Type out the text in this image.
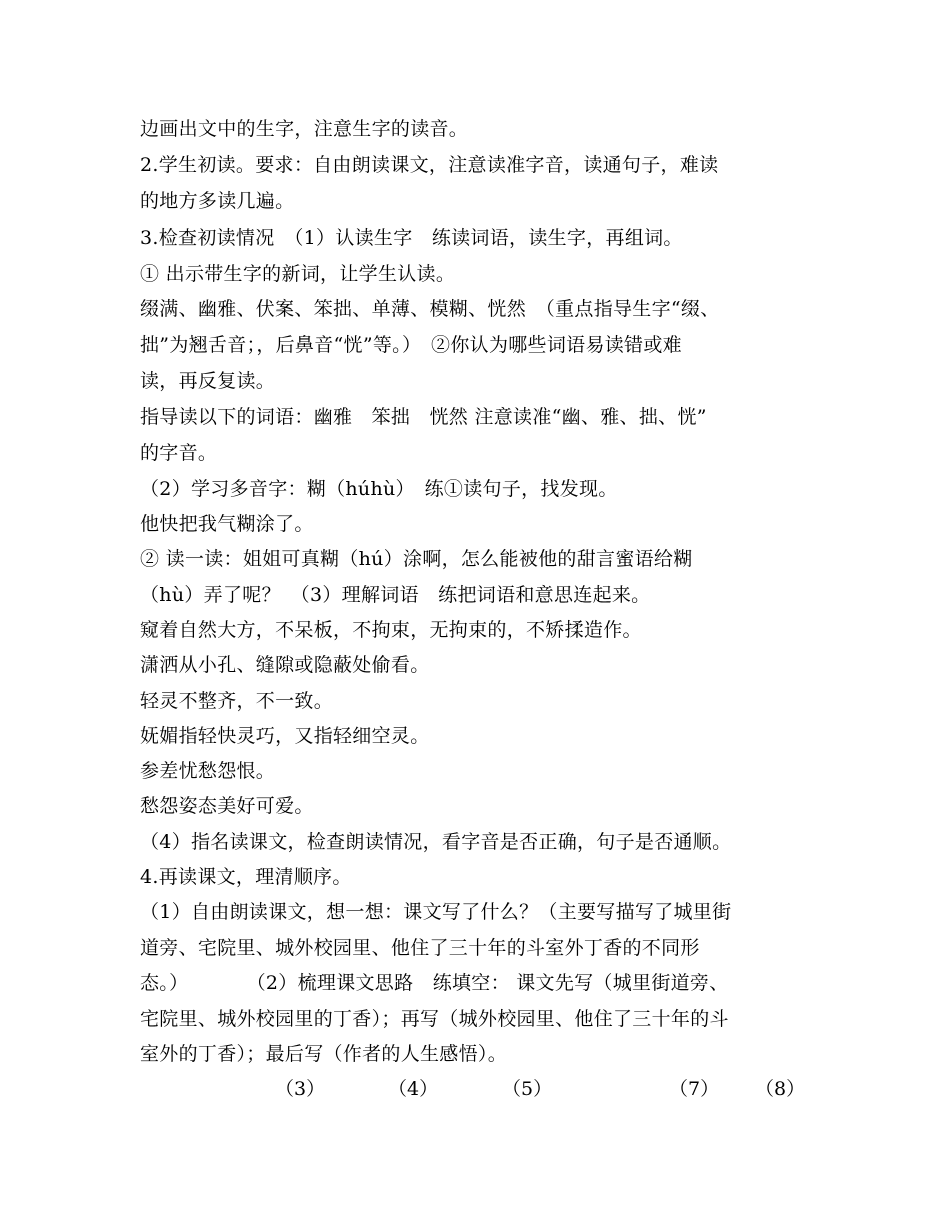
边画出文中的生字，注意生字的读音。
2.学生初读。要求：自由朗读课文，注意读准字音，读通句子，难读
的地方多读几遍。
3.检查初读情况　（1）认读生字　练读词语，读生字，再组词。
① 出示带生字的新词，让学生认读。
缀满、幽雅、伏案、笨拙、单薄、模糊、恍然　（重点指导生字“缀、
拙”为翘舌音；，后鼻音“恍”等。）　②你认为哪些词语易读错或难
读，再反复读。
指导读以下的词语：幽雅　笨拙　恍然 注意读准“幽、雅、拙、恍”
的字音。
（2）学习多音字：糊（húhù）　练①读句子，找发现。
他快把我气糊涂了。
② 读一读：姐姐可真糊（hú）涂啊，怎么能被他的甜言蜜语给糊
（hù）弄了呢？　（3）理解词语　练把词语和意思连起来。
窥着自然大方，不呆板，不拘束，无拘束的，不矫揉造作。
潇洒从小孔、缝隙或隐蔽处偷看。
轻灵不整齐，不一致。
妩媚指轻快灵巧，又指轻细空灵。
参差忧愁怨恨。
愁怨姿态美好可爱。
（4）指名读课文，检查朗读情况，看字音是否正确，句子是否通顺。
4.再读课文，理清顺序。
（1）自由朗读课文，想一想：课文写了什么？（主要写描写了城里街
道旁、宅院里、城外校园里、他住了三十年的斗室外丁香的不同形
态。）　　　　（2）梳理课文思路　练填空： 课文先写（城里街道旁、
宅院里、城外校园里的丁香）；再写（城外校园里、他住了三十年的斗
室外的丁香）；最后写（作者的人生感悟）。
（3）	（4）	（5）	（7） （8）
